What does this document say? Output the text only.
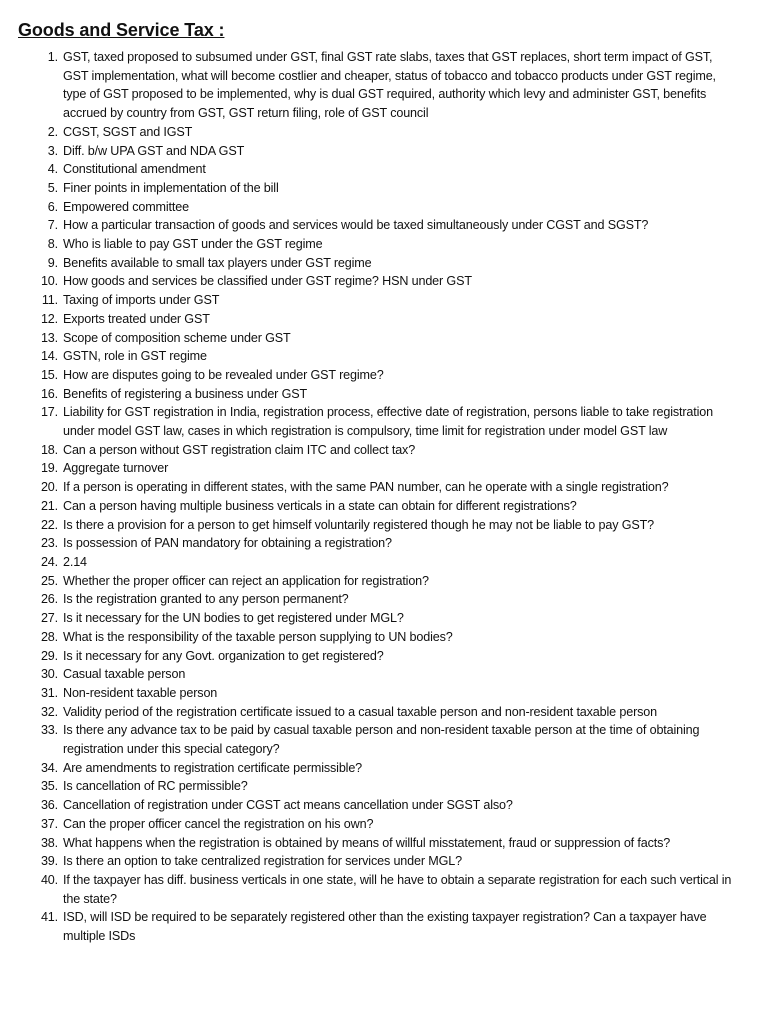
Goods and Service Tax :
1. GST, taxed proposed to subsumed under GST, final GST rate slabs, taxes that GST replaces, short term impact of GST, GST implementation, what will become costlier and cheaper, status of tobacco and tobacco products under GST regime, type of GST proposed to be implemented, why is dual GST required, authority which levy and administer GST, benefits accrued by country from GST, GST return filing, role of GST council
2. CGST, SGST and IGST
3. Diff. b/w UPA GST and NDA GST
4. Constitutional amendment
5. Finer points in implementation of the bill
6. Empowered committee
7. How a particular transaction of goods and services would be taxed simultaneously under CGST and SGST?
8. Who is liable to pay GST under the GST regime
9. Benefits available to small tax players under GST regime
10. How goods and services be classified under GST regime? HSN under GST
11. Taxing of imports under GST
12. Exports treated under GST
13. Scope of composition scheme under GST
14. GSTN, role in GST regime
15. How are disputes going to be revealed under GST regime?
16. Benefits of registering a business under GST
17. Liability for GST registration in India, registration process, effective date of registration, persons liable to take registration under model GST law, cases in which registration is compulsory, time limit for registration under model GST law
18. Can a person without GST registration claim ITC and collect tax?
19. Aggregate turnover
20. If a person is operating in different states, with the same PAN number, can he operate with a single registration?
21. Can a person having multiple business verticals in a state can obtain for different registrations?
22. Is there a provision for a person to get himself voluntarily registered though he may not be liable to pay GST?
23. Is possession of PAN mandatory for obtaining a registration?
24. 2.14
25. Whether the proper officer can reject an application for registration?
26. Is the registration granted to any person permanent?
27. Is it necessary for the UN bodies to get registered under MGL?
28. What is the responsibility of the taxable person supplying to UN bodies?
29. Is it necessary for any Govt. organization to get registered?
30. Casual taxable person
31. Non-resident taxable person
32. Validity period of the registration certificate issued to a casual taxable person and non-resident taxable person
33. Is there any advance tax to be paid by casual taxable person and non-resident taxable person at the time of obtaining registration under this special category?
34. Are amendments to registration certificate permissible?
35. Is cancellation of RC permissible?
36. Cancellation of registration under CGST act means cancellation under SGST also?
37. Can the proper officer cancel the registration on his own?
38. What happens when the registration is obtained by means of willful misstatement, fraud or suppression of facts?
39. Is there an option to take centralized registration for services under MGL?
40. If the taxpayer has diff. business verticals in one state, will he have to obtain a separate registration for each such vertical in the state?
41. ISD, will ISD be required to be separately registered other than the existing taxpayer registration? Can a taxpayer have multiple ISDs
